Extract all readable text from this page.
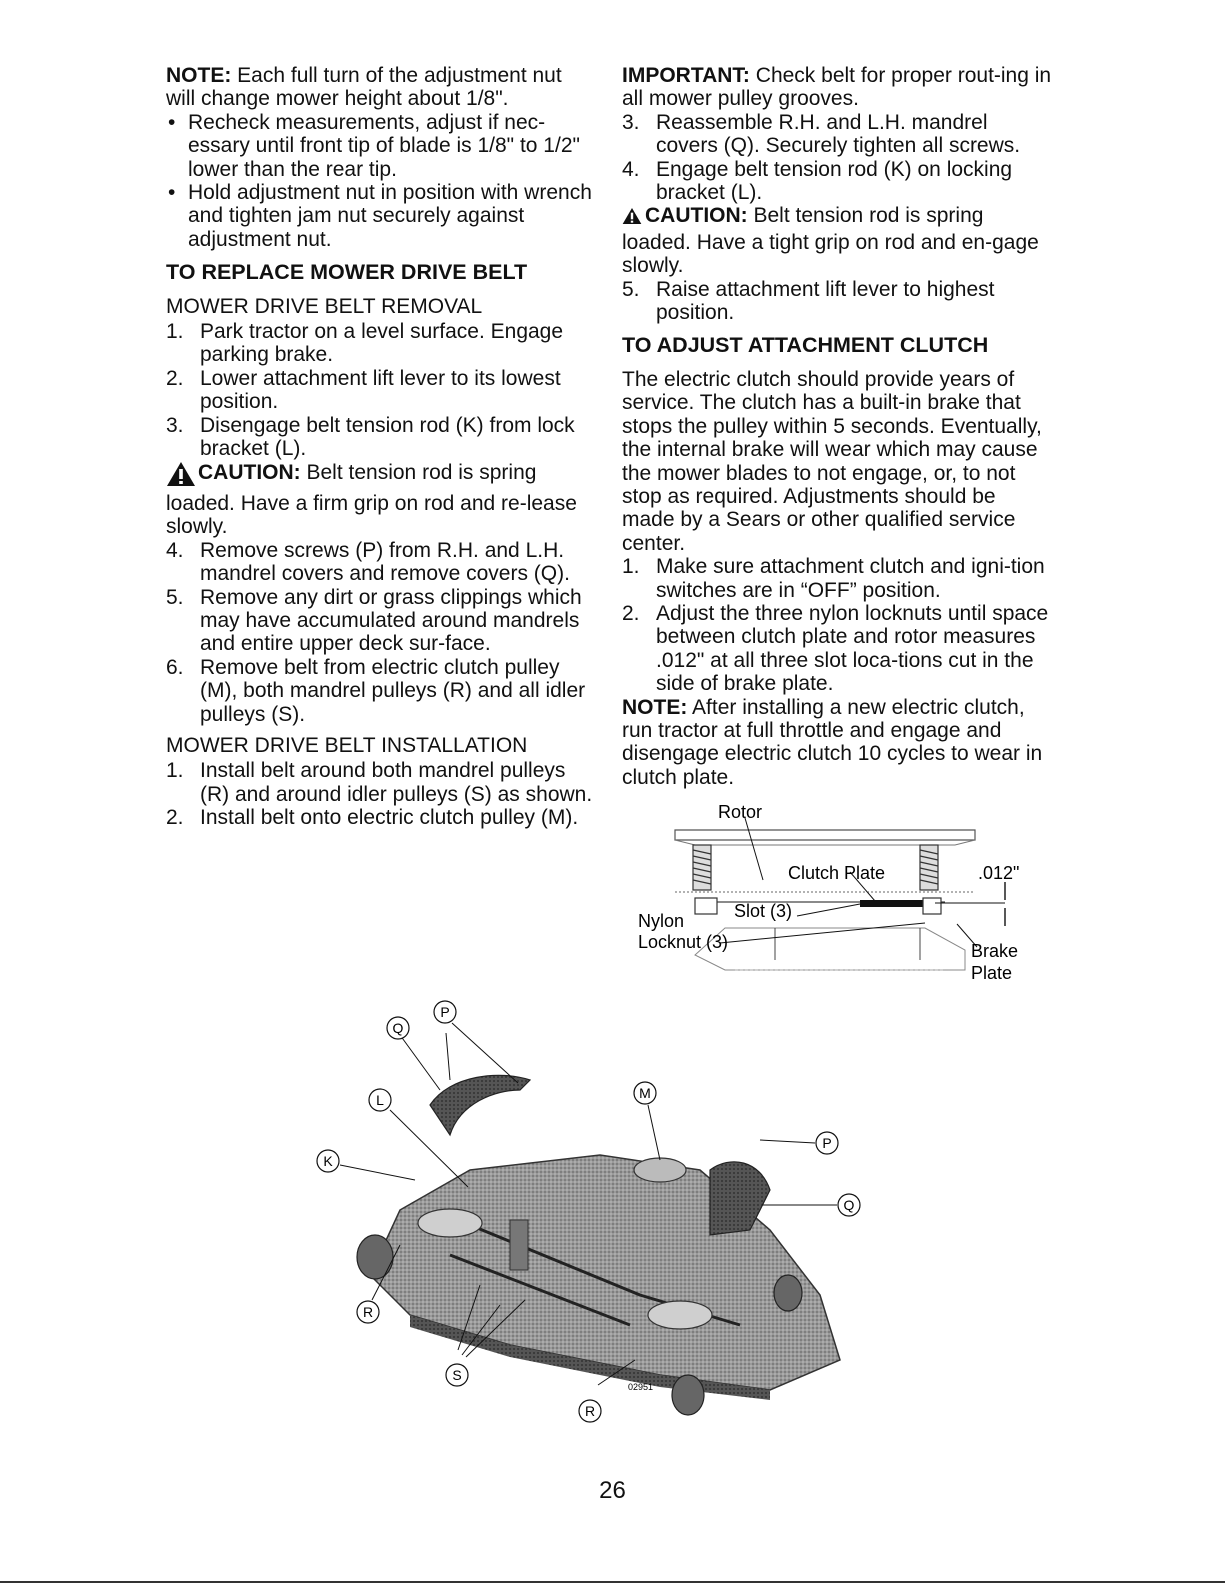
NOTE: Each full turn of the adjustment nut will change mower height about 1/8".

• Recheck measurements, adjust if nec-essary until front tip of blade is 1/8" to 1/2" lower than the rear tip.
• Hold adjustment nut in position with wrench and tighten jam nut securely against adjustment nut.

TO REPLACE MOWER DRIVE BELT

MOWER DRIVE BELT REMOVAL

1. Park tractor on a level surface. Engage parking brake.
2. Lower attachment lift lever to its lowest position.
3. Disengage belt tension rod (K) from lock bracket (L).

CAUTION: Belt tension rod is spring loaded. Have a firm grip on rod and re-lease slowly.

4. Remove screws (P) from R.H. and L.H. mandrel covers and remove covers (Q).
5. Remove any dirt or grass clippings which may have accumulated around mandrels and entire upper deck sur-face.
6. Remove belt from electric clutch pulley (M), both mandrel pulleys (R) and all idler pulleys (S).

MOWER DRIVE BELT INSTALLATION

1. Install belt around both mandrel pulleys (R) and around idler pulleys (S) as shown.
2. Install belt onto electric clutch pulley (M).

IMPORTANT: Check belt for proper rout-ing in all mower pulley grooves.

3. Reassemble R.H. and L.H. mandrel covers (Q). Securely tighten all screws.
4. Engage belt tension rod (K) on locking bracket (L).

CAUTION: Belt tension rod is spring loaded. Have a tight grip on rod and en-gage slowly.

5. Raise attachment lift lever to highest position.

TO ADJUST ATTACHMENT CLUTCH

The electric clutch should provide years of service. The clutch has a built-in brake that stops the pulley within 5 seconds. Eventually, the internal brake will wear which may cause the mower blades to not engage, or, to not stop as required. Adjustments should be made by a Sears or other qualified service center.

1. Make sure attachment clutch and igni-tion switches are in “OFF” position.
2. Adjust the three nylon locknuts until space between clutch plate and rotor measures .012" at all three slot loca-tions cut in the side of brake plate.

NOTE: After installing a new electric clutch, run tractor at full throttle and engage and disengage electric clutch 10 cycles to wear in clutch plate.

Rotor
Clutch Plate	.012"
Slot (3)
Nylon
Locknut (3)	Brake
Plate
Q
P
L
K
M
P
Q
R
S
R
02951
26
